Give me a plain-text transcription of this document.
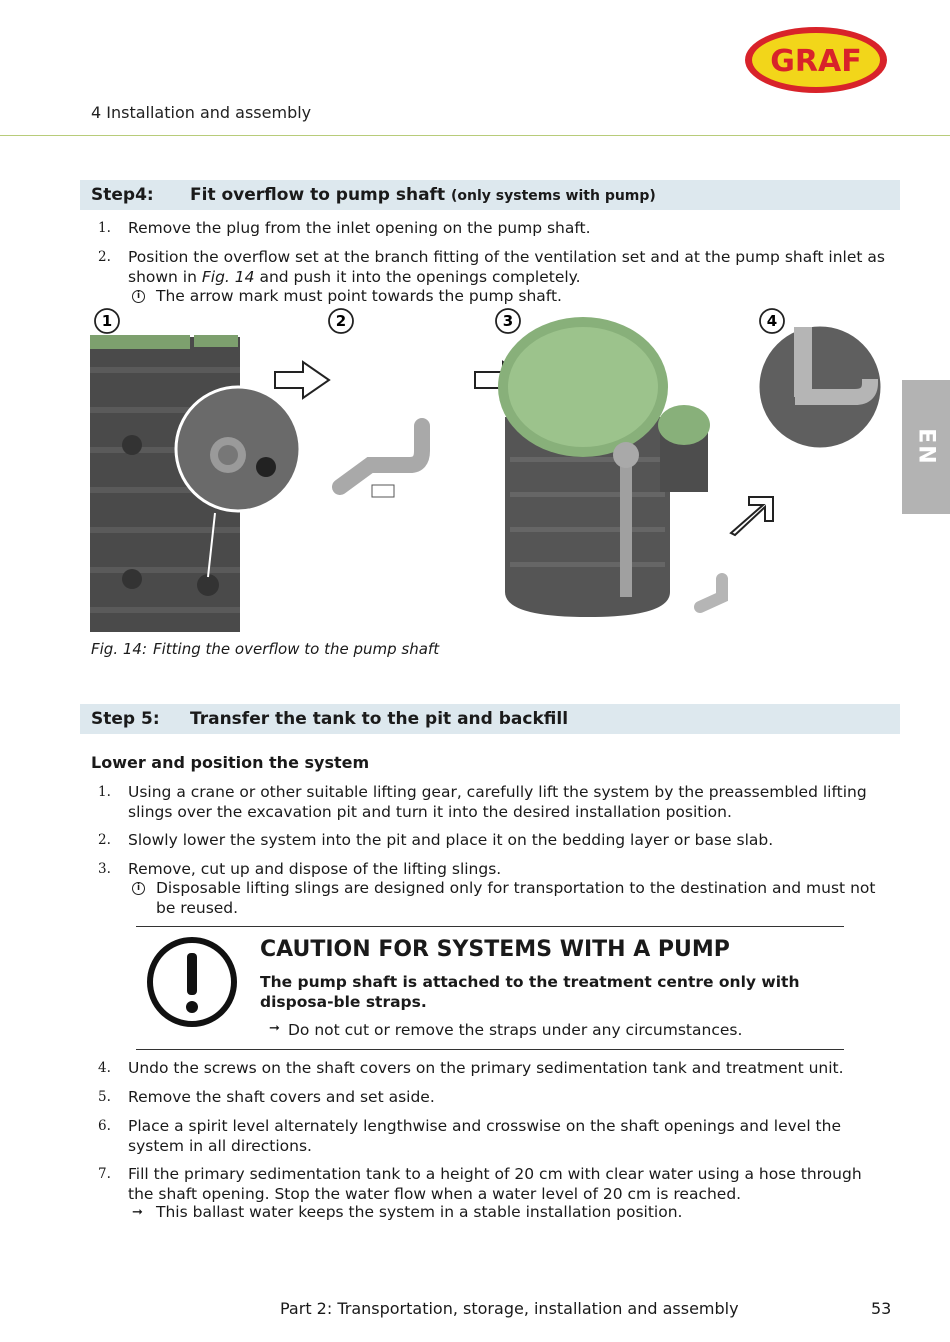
GRAF
4 Installation and assembly
EN
Step4: Fit overflow to pump shaft (only systems with pump)
1. Remove the plug from the inlet opening on the pump shaft.
2. Position the overflow set at the branch fitting of the ventilation set and at the pump shaft inlet as shown in Fig. 14 and push it into the openings completely.
i	The arrow mark must point towards the pump shaft.
1	2	3	4
Fig. 14: Fitting the overflow to the pump shaft
Step 5: Transfer the tank to the pit and backfill
Lower and position the system
1. Using a crane or other suitable lifting gear, carefully lift the system by the preassembled lifting slings over the excavation pit and turn it into the desired installation position.
2. Slowly lower the system into the pit and place it on the bedding layer or base slab.
3. Remove, cut up and dispose of the lifting slings.
i	Disposable lifting slings are designed only for transportation to the destination and must not be reused.
CAUTION FOR SYSTEMS WITH A PUMP
The pump shaft is attached to the treatment centre only with disposa-ble straps.
➞ Do not cut or remove the straps under any circumstances.
4. Undo the screws on the shaft covers on the primary sedimentation tank and treatment unit.
5. Remove the shaft covers and set aside.
6. Place a spirit level alternately lengthwise and crosswise on the shaft openings and level the system in all directions.
7. Fill the primary sedimentation tank to a height of 20 cm with clear water using a hose through the shaft opening. Stop the water flow when a water level of 20 cm is reached.
➞ This ballast water keeps the system in a stable installation position.
Part 2: Transportation, storage, installation and assembly	53
